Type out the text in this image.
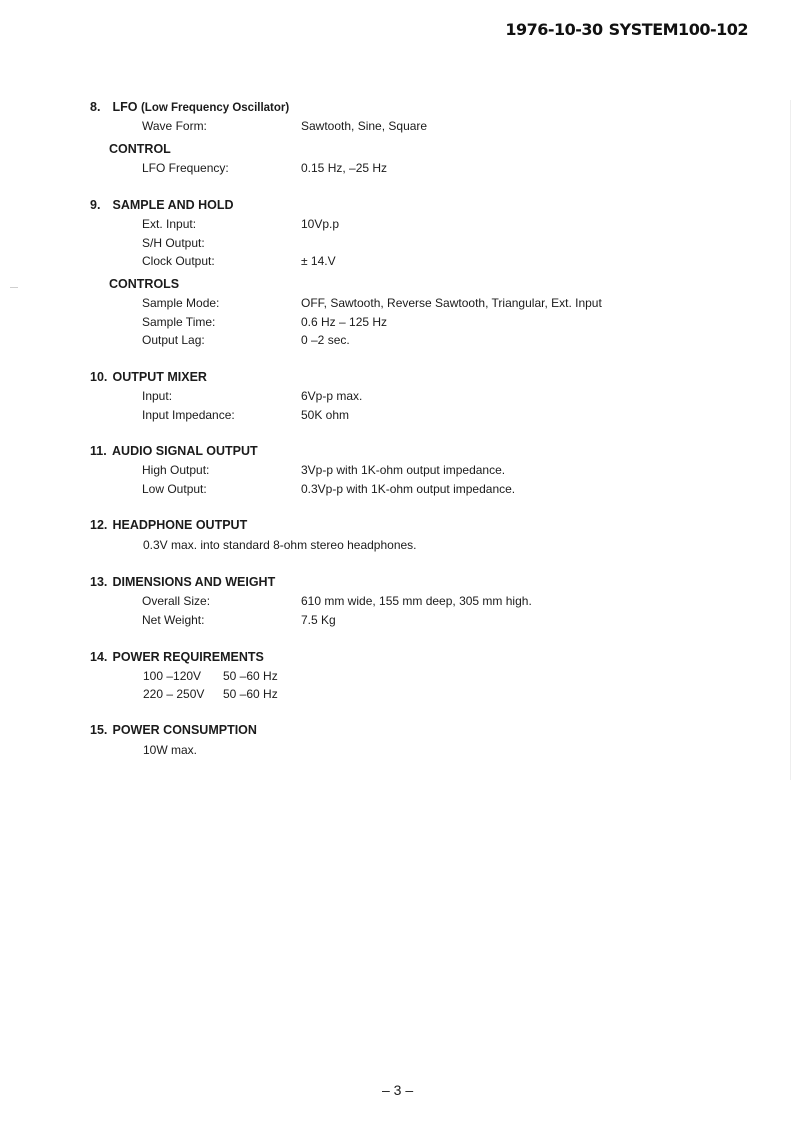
1976-10-30 SYSTEM100-102
8. LFO (Low Frequency Oscillator)
Wave Form:	Sawtooth, Sine, Square
CONTROL
LFO Frequency:	0.15 Hz, –25 Hz
9. SAMPLE AND HOLD
Ext. Input:	10Vp.p
S/H Output:
Clock Output:	± 14.V
CONTROLS
Sample Mode:	OFF, Sawtooth, Reverse Sawtooth, Triangular, Ext. Input
Sample Time:	0.6 Hz – 125 Hz
Output Lag:	0 –2 sec.
10. OUTPUT MIXER
Input:	6Vp-p max.
Input Impedance:	50K ohm
11. AUDIO SIGNAL OUTPUT
High Output:	3Vp-p with 1K-ohm output impedance.
Low Output:	0.3Vp-p with 1K-ohm output impedance.
12. HEADPHONE OUTPUT
0.3V max. into standard 8-ohm stereo headphones.
13. DIMENSIONS AND WEIGHT
Overall Size:	610 mm wide, 155 mm deep, 305 mm high.
Net Weight:	7.5 Kg
14. POWER REQUIREMENTS
100 –120V 50 –60 Hz
220 – 250V 50 –60 Hz
15. POWER CONSUMPTION
10W max.
– 3 –
